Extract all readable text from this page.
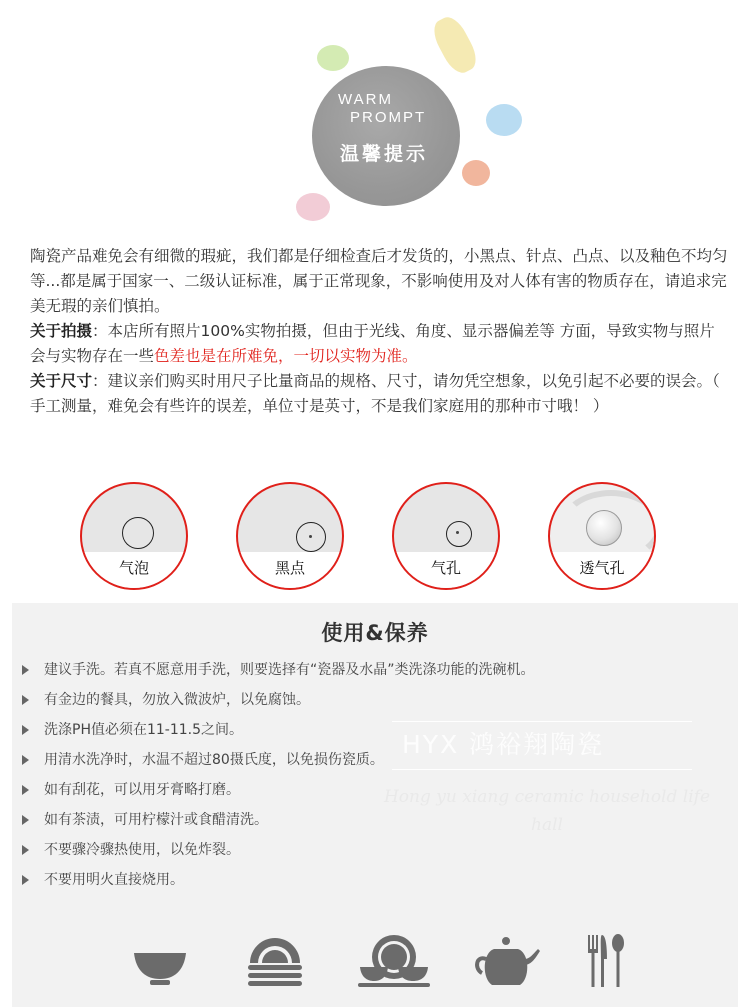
WARM
PROMPT
温馨提示

陶瓷产品难免会有细微的瑕疵，我们都是仔细检查后才发货的，小黑点、针点、凸点、以及釉色不均匀等...都是属于国家一、二级认证标准，属于正常现象，不影响使用及对人体有害的物质存在，请追求完美无瑕的亲们慎拍。

关于拍摄：本店所有照片100%实物拍摄，但由于光线、角度、显示器偏差等 方面，导致实物与照片会与实物存在一些色差也是在所难免，一切以实物为准。

关于尺寸：建议亲们购买时用尺子比量商品的规格、尺寸，请勿凭空想象，以免引起不必要的误会。（ 手工测量，难免会有些许的误差，单位寸是英寸，不是我们家庭用的那种市寸哦！ ）

气泡	黑点	气孔	透气孔
使用&保养
HYX 鸿裕翔陶瓷
Hong yu xiang ceramic household life hall
建议手洗。若真不愿意用手洗，则要选择有“瓷器及水晶”类洗涤功能的洗碗机。
有金边的餐具，勿放入微波炉，以免腐蚀。
洗涤PH值必须在11-11.5之间。
用清水洗净时，水温不超过80摄氏度，以免损伤瓷质。
如有刮花，可以用牙膏略打磨。
如有茶渍，可用柠檬汁或食醋清洗。
不要骤冷骤热使用，以免炸裂。
不要用明火直接烧用。
